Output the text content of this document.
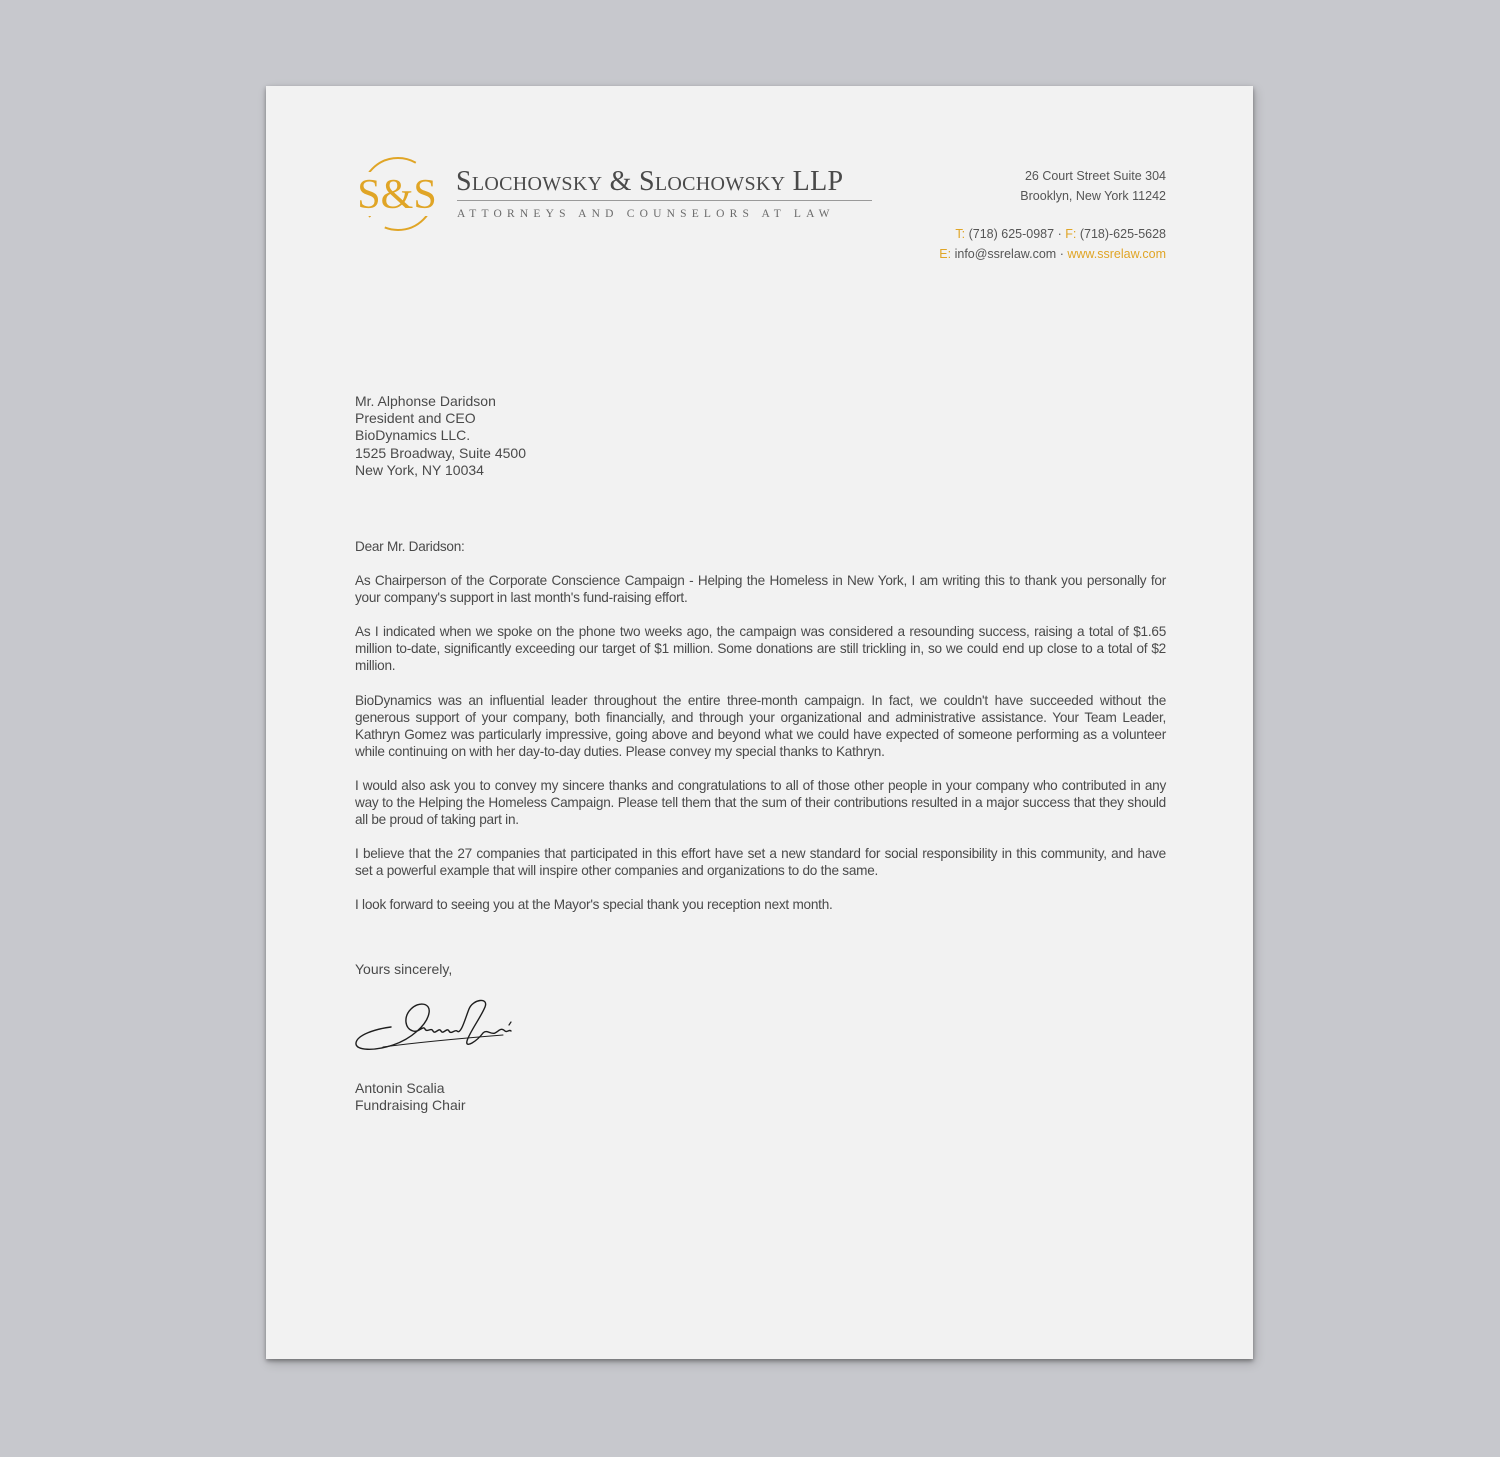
S&S Slochowsky & Slochowsky LLP
ATTORNEYS AND COUNSELORS AT LAW
26 Court Street Suite 304
Brooklyn, New York 11242
T: (718) 625-0987 · F: (718)-625-5628
E: info@ssrelaw.com · www.ssrelaw.com
Mr. Alphonse Daridson
President and CEO
BioDynamics LLC.
1525 Broadway, Suite 4500
New York, NY 10034

Dear Mr. Daridson:

As Chairperson of the Corporate Conscience Campaign - Helping the Homeless in New York, I am writing this to thank you personally for your company's support in last month's fund-raising effort.

As I indicated when we spoke on the phone two weeks ago, the campaign was considered a resounding success, raising a total of $1.65 million to-date, significantly exceeding our target of $1 million. Some donations are still trickling in, so we could end up close to a total of $2 million.

BioDynamics was an influential leader throughout the entire three-month campaign. In fact, we couldn't have succeeded without the generous support of your company, both financially, and through your organizational and administrative assistance. Your Team Leader, Kathryn Gomez was particularly impressive, going above and beyond what we could have expected of someone performing as a volunteer while continuing on with her day-to-day duties. Please convey my special thanks to Kathryn.

I would also ask you to convey my sincere thanks and congratulations to all of those other people in your company who contributed in any way to the Helping the Homeless Campaign. Please tell them that the sum of their contributions resulted in a major success that they should all be proud of taking part in.

I believe that the 27 companies that participated in this effort have set a new standard for social responsibility in this community, and have set a powerful example that will inspire other companies and organizations to do the same.

I look forward to seeing you at the Mayor's special thank you reception next month.

Yours sincerely,
Antonin Scalia
Fundraising Chair
